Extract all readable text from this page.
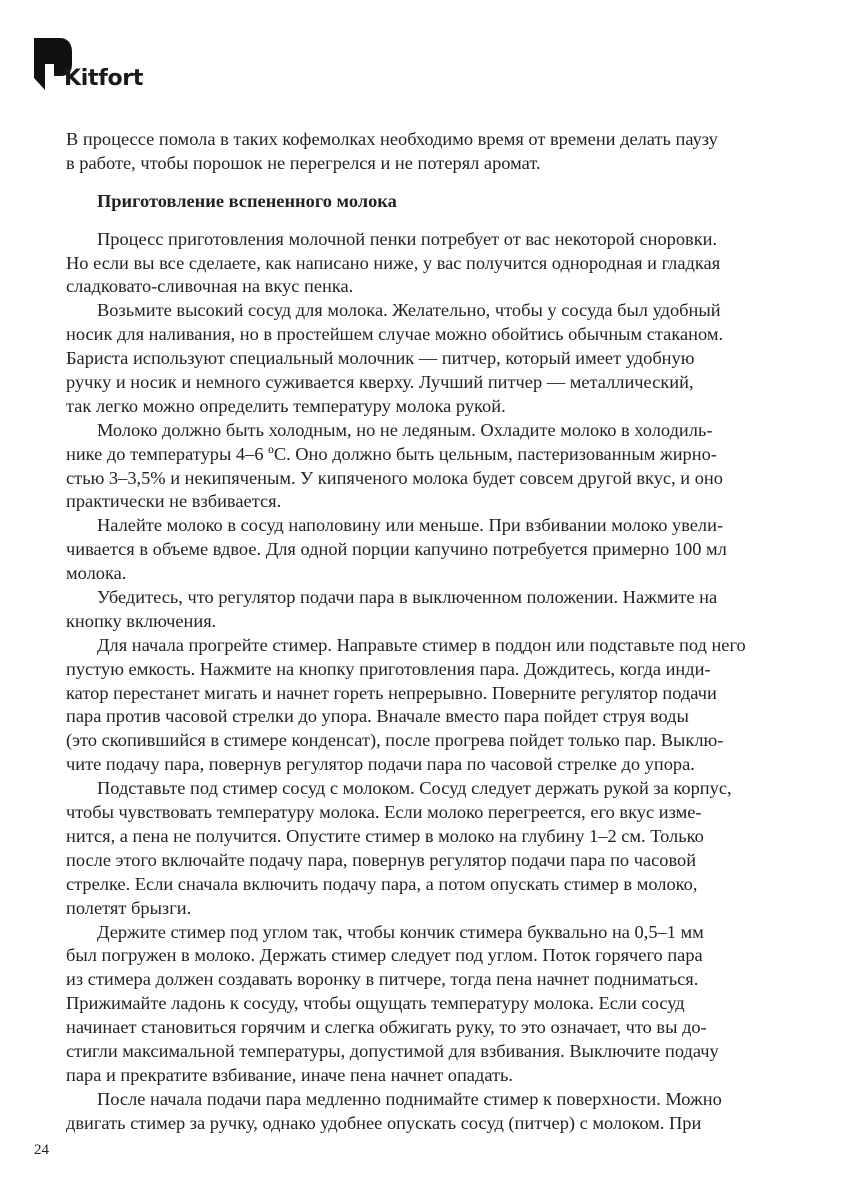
Kitfort
В процессе помола в таких кофемолках необходимо время от времени делать паузу
в работе, чтобы порошок не перегрелся и не потерял аромат.
Приготовление вспененного молока
Процесс приготовления молочной пенки потребует от вас некоторой сноровки.
Но если вы все сделаете, как написано ниже, у вас получится однородная и гладкая
сладковато-сливочная на вкус пенка.
Возьмите высокий сосуд для молока. Желательно, чтобы у сосуда был удобный
носик для наливания, но в простейшем случае можно обойтись обычным стаканом.
Бариста используют специальный молочник — питчер, который имеет удобную
ручку и носик и немного суживается кверху. Лучший питчер — металлический,
так легко можно определить температуру молока рукой.
Молоко должно быть холодным, но не ледяным. Охладите молоко в холодиль-
нике до температуры 4–6 ºС. Оно должно быть цельным, пастеризованным жирно-
стью 3–3,5% и некипяченым. У кипяченого молока будет совсем другой вкус, и оно
практически не взбивается.
Налейте молоко в сосуд наполовину или меньше. При взбивании молоко увели-
чивается в объеме вдвое. Для одной порции капучино потребуется примерно 100 мл
молока.
Убедитесь, что регулятор подачи пара в выключенном положении. Нажмите на
кнопку включения.
Для начала прогрейте стимер. Направьте стимер в поддон или подставьте под него
пустую емкость. Нажмите на кнопку приготовления пара. Дождитесь, когда инди-
катор перестанет мигать и начнет гореть непрерывно. Поверните регулятор подачи
пара против часовой стрелки до упора. Вначале вместо пара пойдет струя воды
(это скопившийся в стимере конденсат), после прогрева пойдет только пар. Выклю-
чите подачу пара, повернув регулятор подачи пара по часовой стрелке до упора.
Подставьте под стимер сосуд с молоком. Сосуд следует держать рукой за корпус,
чтобы чувствовать температуру молока. Если молоко перегреется, его вкус изме-
нится, а пена не получится. Опустите стимер в молоко на глубину 1–2 см. Только
после этого включайте подачу пара, повернув регулятор подачи пара по часовой
стрелке. Если сначала включить подачу пара, а потом опускать стимер в молоко,
полетят брызги.
Держите стимер под углом так, чтобы кончик стимера буквально на 0,5–1 мм
был погружен в молоко. Держать стимер следует под углом. Поток горячего пара
из стимера должен создавать воронку в питчере, тогда пена начнет подниматься.
Прижимайте ладонь к сосуду, чтобы ощущать температуру молока. Если сосуд
начинает становиться горячим и слегка обжигать руку, то это означает, что вы до-
стигли максимальной температуры, допустимой для взбивания. Выключите подачу
пара и прекратите взбивание, иначе пена начнет опадать.
После начала подачи пара медленно поднимайте стимер к поверхности. Можно
двигать стимер за ручку, однако удобнее опускать сосуд (питчер) с молоком. При
24
